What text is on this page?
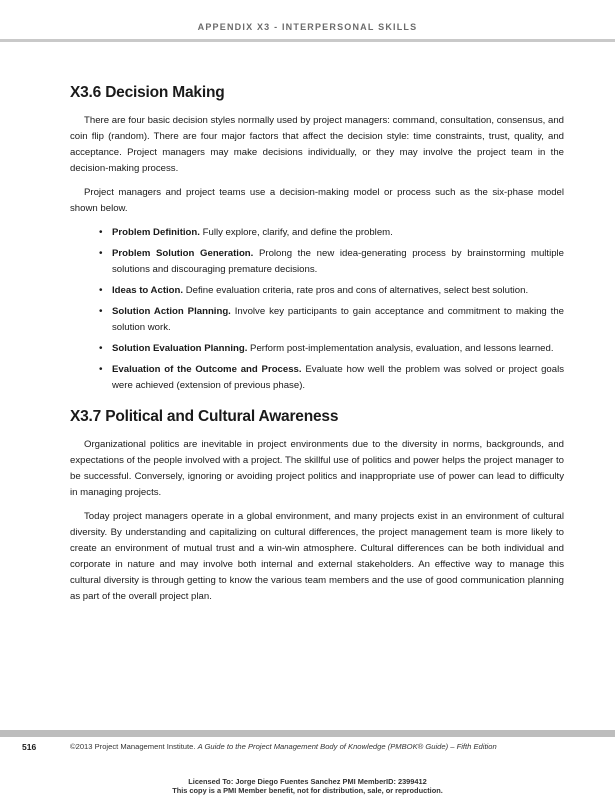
APPENDIX X3 - INTERPERSONAL SKILLS
X3.6 Decision Making

There are four basic decision styles normally used by project managers: command, consultation, consensus, and coin flip (random). There are four major factors that affect the decision style: time constraints, trust, quality, and acceptance. Project managers may make decisions individually, or they may involve the project team in the decision-making process.

Project managers and project teams use a decision-making model or process such as the six-phase model shown below.

• Problem Definition. Fully explore, clarify, and define the problem.
• Problem Solution Generation. Prolong the new idea-generating process by brainstorming multiple solutions and discouraging premature decisions.
• Ideas to Action. Define evaluation criteria, rate pros and cons of alternatives, select best solution.
• Solution Action Planning. Involve key participants to gain acceptance and commitment to making the solution work.
• Solution Evaluation Planning. Perform post-implementation analysis, evaluation, and lessons learned.
• Evaluation of the Outcome and Process. Evaluate how well the problem was solved or project goals were achieved (extension of previous phase).
X3.7 Political and Cultural Awareness

Organizational politics are inevitable in project environments due to the diversity in norms, backgrounds, and expectations of the people involved with a project. The skillful use of politics and power helps the project manager to be successful. Conversely, ignoring or avoiding project politics and inappropriate use of power can lead to difficulty in managing projects.

Today project managers operate in a global environment, and many projects exist in an environment of cultural diversity. By understanding and capitalizing on cultural differences, the project management team is more likely to create an environment of mutual trust and a win-win atmosphere. Cultural differences can be both individual and corporate in nature and may involve both internal and external stakeholders. An effective way to manage this cultural diversity is through getting to know the various team members and the use of good communication planning as part of the overall project plan.

516	©2013 Project Management Institute. A Guide to the Project Management Body of Knowledge (PMBOK® Guide) – Fifth Edition
Licensed To: Jorge Diego Fuentes Sanchez PMI MemberID: 2399412
This copy is a PMI Member benefit, not for distribution, sale, or reproduction.
